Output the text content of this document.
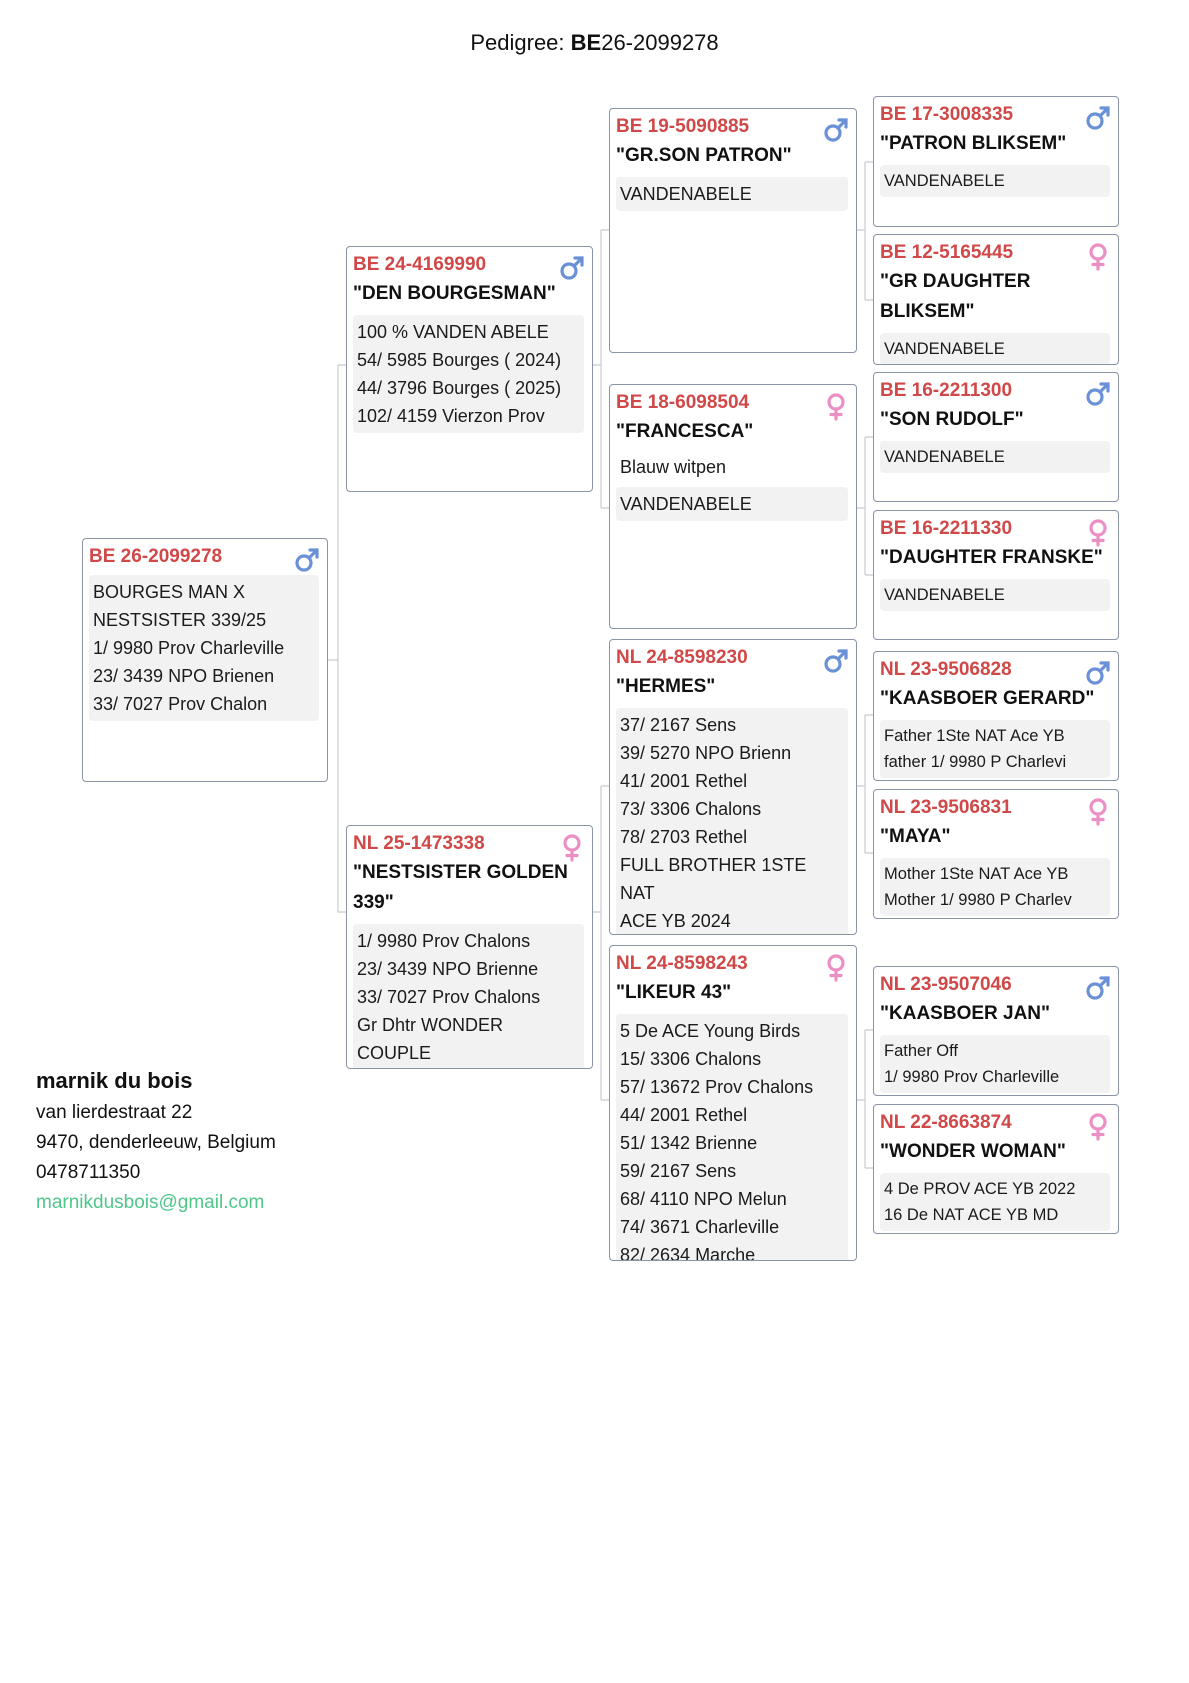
Pedigree: BE26-2099278
BE 26-2099278
BOURGES MAN X
NESTSISTER 339/25
1/ 9980 Prov Charleville
23/ 3439 NPO Brienen
33/ 7027 Prov Chalon
BE 24-4169990
"DEN BOURGESMAN"
100 % VANDEN ABELE
54/ 5985 Bourges ( 2024)
44/ 3796 Bourges ( 2025)
102/ 4159 Vierzon Prov
NL 25-1473338
"NESTSISTER GOLDEN 339"
1/ 9980 Prov Chalons
23/ 3439 NPO Brienne
33/ 7027 Prov Chalons
Gr Dhtr WONDER
COUPLE
BE 19-5090885
"GR.SON PATRON"
VANDENABELE
BE 18-6098504
"FRANCESCA"
Blauw witpen
VANDENABELE
NL 24-8598230
"HERMES"
37/ 2167 Sens
39/ 5270 NPO Brienn
41/ 2001 Rethel
73/ 3306 Chalons
78/ 2703 Rethel
FULL BROTHER 1STE
NAT
ACE YB 2024
NL 24-8598243
"LIKEUR 43"
5 De ACE Young Birds
15/ 3306 Chalons
57/ 13672 Prov Chalons
44/ 2001 Rethel
51/ 1342 Brienne
59/ 2167 Sens
68/ 4110 NPO Melun
74/ 3671 Charleville
82/ 2634 Marche
BE 17-3008335
"PATRON BLIKSEM"
VANDENABELE
BE 12-5165445
"GR DAUGHTER BLIKSEM"
VANDENABELE
BE 16-2211300
"SON RUDOLF"
VANDENABELE
BE 16-2211330
"DAUGHTER FRANSKE"
VANDENABELE
NL 23-9506828
"KAASBOER GERARD"
Father 1Ste NAT Ace YB
father 1/ 9980 P Charlevi
NL 23-9506831
"MAYA"
Mother 1Ste NAT Ace YB
Mother 1/ 9980 P Charlev
NL 23-9507046
"KAASBOER JAN"
Father Off
1/ 9980 Prov Charleville
NL 22-8663874
"WONDER WOMAN"
4 De PROV ACE YB 2022
16 De NAT ACE YB MD
marnik du bois
van lierdestraat 22
9470, denderleeuw, Belgium
0478711350
marnikdusbois@gmail.com
